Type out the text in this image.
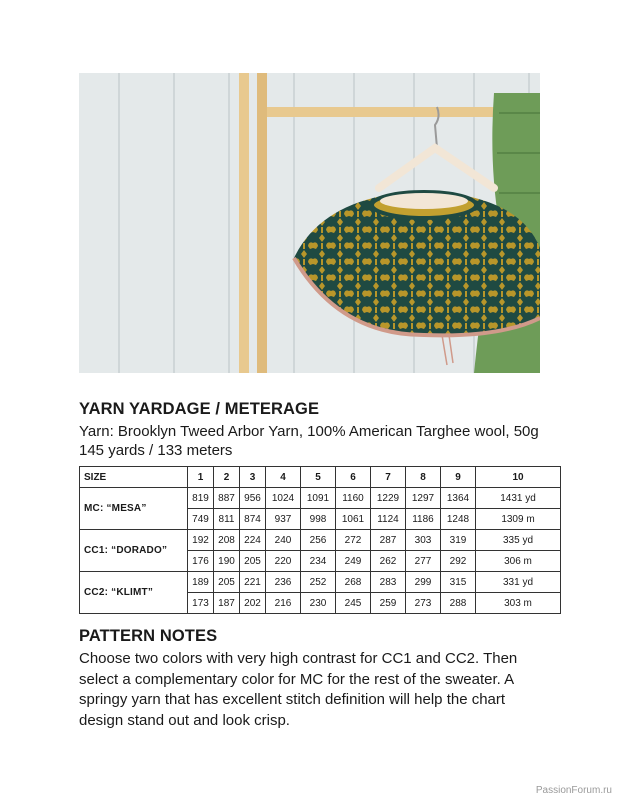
YARN YARDAGE / METERAGE
Yarn: Brooklyn Tweed Arbor Yarn, 100% American Targhee wool, 50g 145 yards / 133 meters
SIZE	1	2	3	4	5	6	7	8	9	10
MC: “MESA”	819	887	956	1024	1091	1160	1229	1297	1364	1431 yd
	749	811	874	937	998	1061	1124	1186	1248	1309 m
CC1: “DORADO”	192	208	224	240	256	272	287	303	319	335 yd
	176	190	205	220	234	249	262	277	292	306 m
CC2: “KLIMT”	189	205	221	236	252	268	283	299	315	331 yd
	173	187	202	216	230	245	259	273	288	303 m
PATTERN NOTES
Choose two colors with very high contrast for CC1 and CC2. Then select a complementary color for MC for the rest of the sweater. A springy yarn that has excellent stitch definition will help the chart design stand out and look crisp.
PassionForum.ru
